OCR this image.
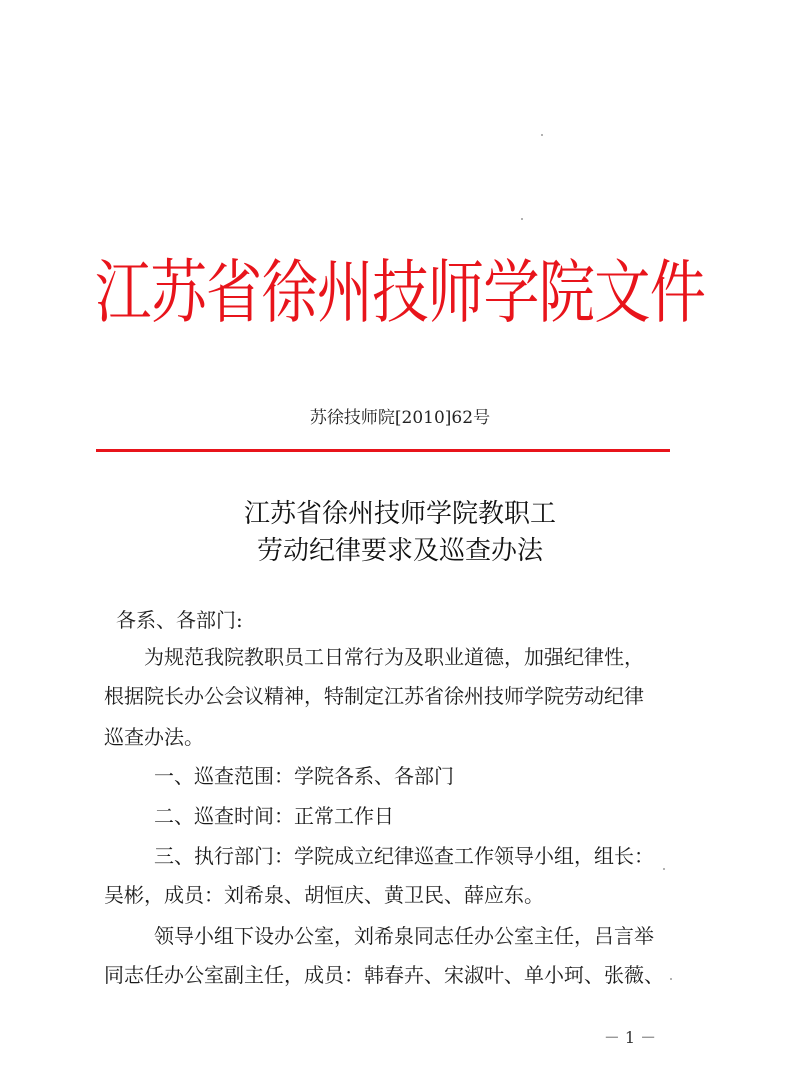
江苏省徐州技师学院文件
苏徐技师院[2010]62号
江苏省徐州技师学院教职工
劳动纪律要求及巡查办法
各系、各部门:
为规范我院教职员工日常行为及职业道德，加强纪律性，
根据院长办公会议精神，特制定江苏省徐州技师学院劳动纪律
巡查办法。
一、巡查范围：学院各系、各部门
二、巡查时间：正常工作日
三、执行部门：学院成立纪律巡查工作领导小组，组长：
吴彬，成员：刘希泉、胡恒庆、黄卫民、薛应东。
领导小组下设办公室，刘希泉同志任办公室主任，吕言举
同志任办公室副主任，成员：韩春卉、宋淑叶、单小珂、张薇、
－ 1 －
